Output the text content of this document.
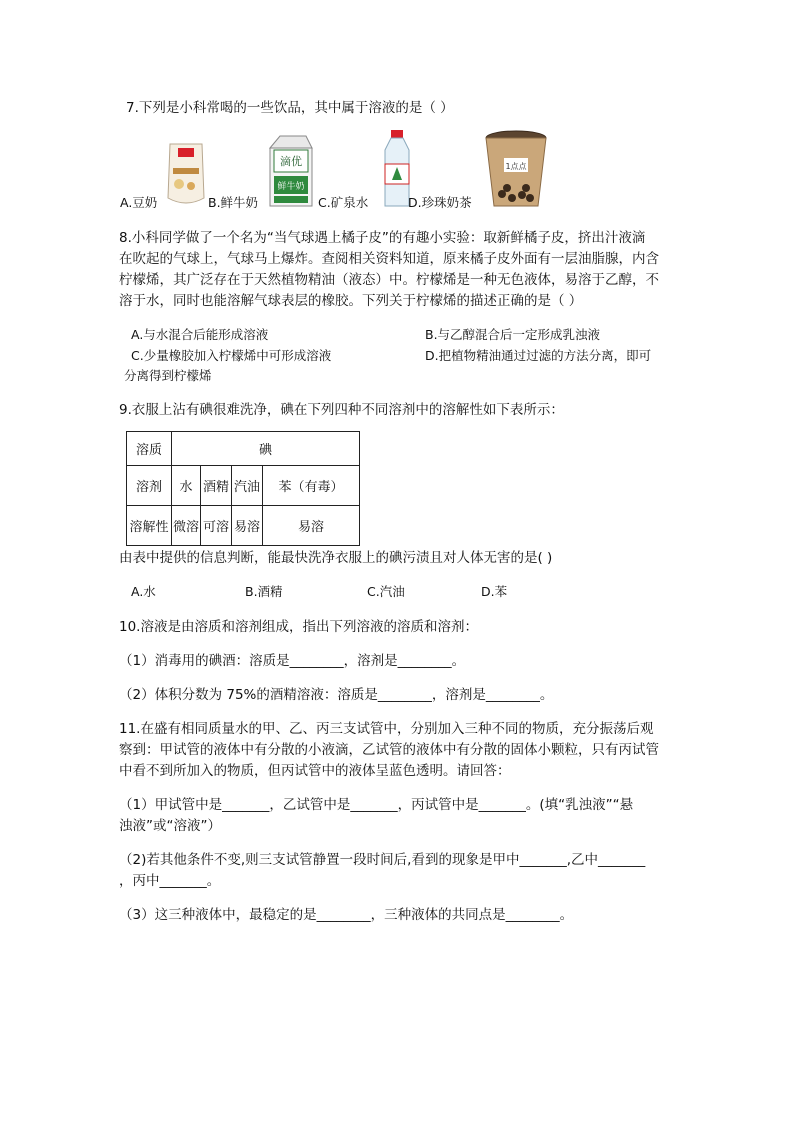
7.下列是小科常喝的一些饮品，其中属于溶液的是（ ）
滴优
鲜牛奶
1点点
A.豆奶	B.鲜牛奶	C.矿泉水	D.珍珠奶茶
8.小科同学做了一个名为“当气球遇上橘子皮”的有趣小实验：取新鲜橘子皮，挤出汁液滴
在吹起的气球上，气球马上爆炸。查阅相关资料知道，原来橘子皮外面有一层油脂腺，内含
柠檬烯，其广泛存在于天然植物精油（液态）中。柠檬烯是一种无色液体，易溶于乙醇，不
溶于水，同时也能溶解气球表层的橡胶。下列关于柠檬烯的描述正确的是（ ）
A.与水混合后能形成溶液	B.与乙醇混合后一定形成乳浊液
C.少量橡胶加入柠檬烯中可形成溶液	D.把植物精油通过过滤的方法分离，即可
分离得到柠檬烯
9.衣服上沾有碘很难洗净，碘在下列四种不同溶剂中的溶解性如下表所示：
溶质	碘			
溶剂	水	酒精	汽油	苯（有毒）
溶解性	微溶	可溶	易溶	易溶
由表中提供的信息判断，能最快洗净衣服上的碘污渍且对人体无害的是( )
A.水	B.酒精	C.汽油	D.苯
10.溶液是由溶质和溶剂组成，指出下列溶液的溶质和溶剂：
（1）消毒用的碘酒：溶质是________，溶剂是________。
（2）体积分数为 75%的酒精溶液：溶质是________，溶剂是________。
11.在盛有相同质量水的甲、乙、丙三支试管中，分别加入三种不同的物质，充分振荡后观
察到：甲试管的液体中有分散的小液滴，乙试管的液体中有分散的固体小颗粒，只有丙试管
中看不到所加入的物质，但丙试管中的液体呈蓝色透明。请回答：
（1）甲试管中是_______，乙试管中是_______，丙试管中是_______。(填“乳浊液”“悬
浊液”或“溶液”）
（2)若其他条件不变,则三支试管静置一段时间后,看到的现象是甲中_______,乙中_______
，丙中_______。
（3）这三种液体中，最稳定的是________，三种液体的共同点是________。
